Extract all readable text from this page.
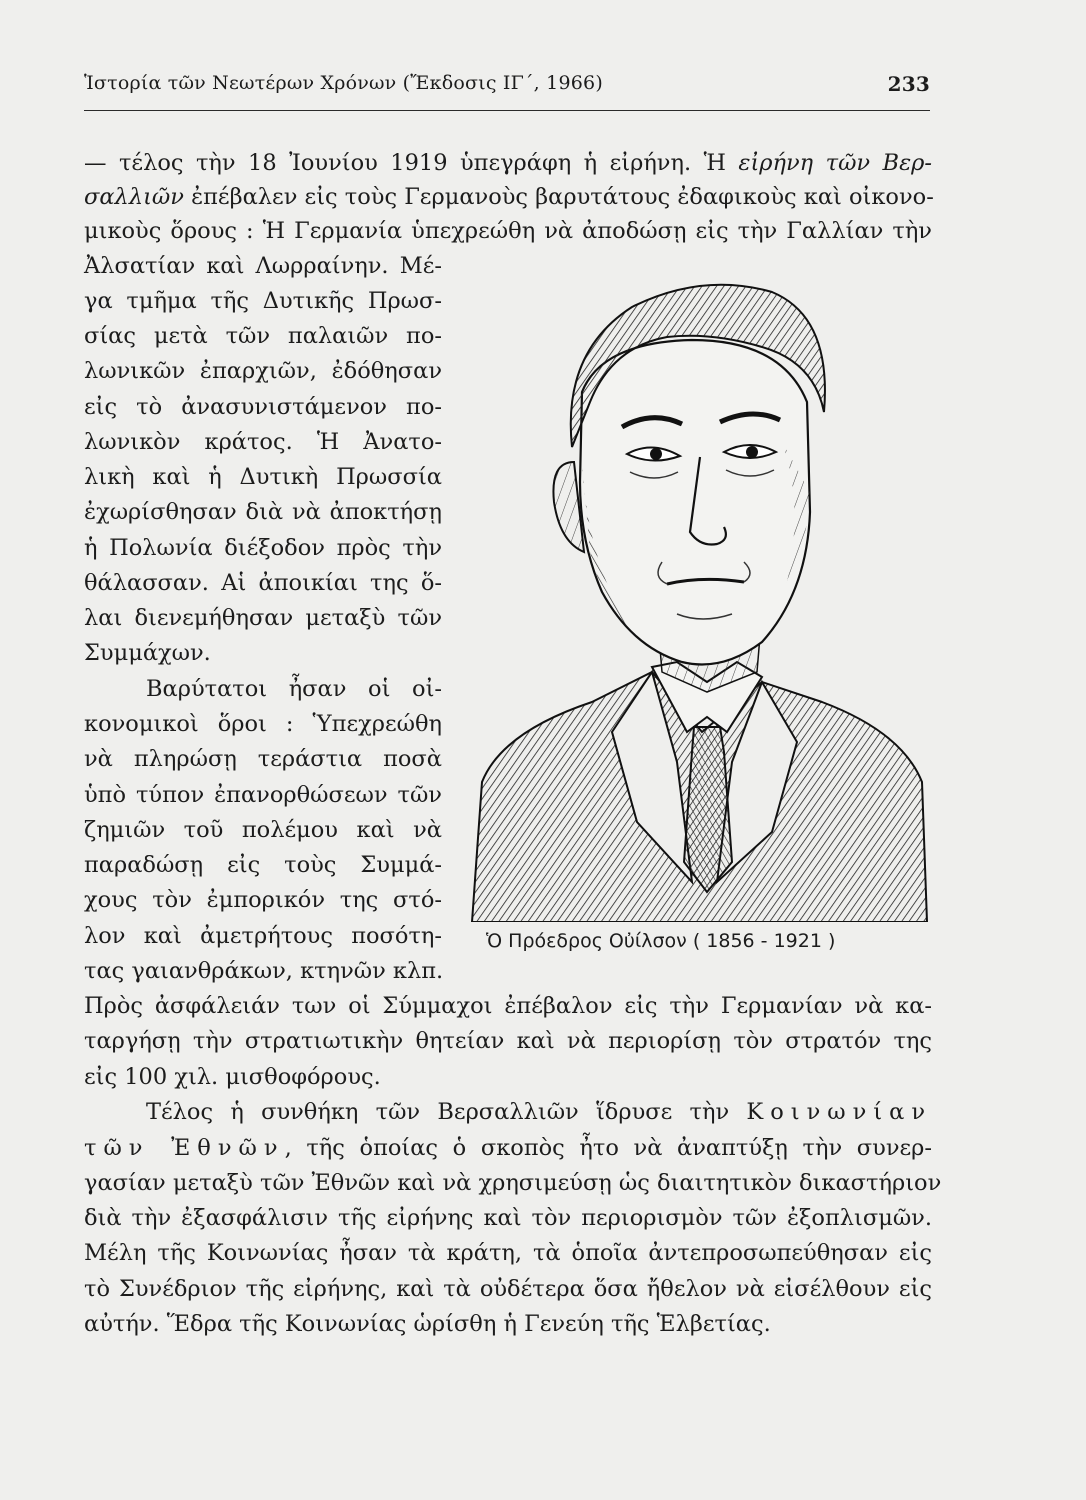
Ἱστορία τῶν Νεωτέρων Χρόνων (Ἔκδοσις ΙΓ΄, 1966)	233
— τέλος τὴν 18 Ἰουνίου 1919 ὑπεγράφη ἡ εἰρήνη. Ἡ εἰρήνη τῶν Βερ-
σαλλιῶν ἐπέβαλεν εἰς τοὺς Γερμανοὺς βαρυτάτους ἐδαφικοὺς καὶ οἰκονο-
μικοὺς ὅρους : Ἡ Γερμανία ὑπεχρεώθη νὰ ἀποδώσῃ εἰς τὴν Γαλλίαν τὴν
Ἀλσατίαν καὶ Λωρραίνην. Μέ-
γα τμῆμα τῆς Δυτικῆς Πρωσ-
σίας μετὰ τῶν παλαιῶν πο-
λωνικῶν ἐπαρχιῶν, ἐδόθησαν
εἰς τὸ ἀνασυνιστάμενον πο-
λωνικὸν κράτος. Ἡ Ἀνατο-
λικὴ καὶ ἡ Δυτικὴ Πρωσσία
ἐχωρίσθησαν διὰ νὰ ἀποκτήσῃ
ἡ Πολωνία διέξοδον πρὸς τὴν
θάλασσαν. Αἱ ἀποικίαι της ὅ-
λαι διενεμήθησαν μεταξὺ τῶν
Συμμάχων.
Βαρύτατοι ἦσαν οἱ οἰ-
κονομικοὶ ὅροι : Ὑπεχρεώθη
νὰ πληρώσῃ τεράστια ποσὰ
ὑπὸ τύπον ἐπανορθώσεων τῶν
ζημιῶν τοῦ πολέμου καὶ νὰ
παραδώσῃ εἰς τοὺς Συμμά-
χους τὸν ἐμπορικόν της στό-
λον καὶ ἀμετρήτους ποσότη-
τας γαιανθράκων, κτηνῶν κλπ.
Πρὸς ἀσφάλειάν των οἱ Σύμμαχοι ἐπέβαλον εἰς τὴν Γερμανίαν νὰ κα-
ταργήσῃ τὴν στρατιωτικὴν θητείαν καὶ νὰ περιορίσῃ τὸν στρατόν της
εἰς 100 χιλ. μισθοφόρους.
Τέλος ἡ συνθήκη τῶν Βερσαλλιῶν ἵδρυσε τὴν Κοινωνίαν
τῶν Ἐθνῶν, τῆς ὁποίας ὁ σκοπὸς ἦτο νὰ ἀναπτύξῃ τὴν συνερ-
γασίαν μεταξὺ τῶν Ἐθνῶν καὶ νὰ χρησιμεύσῃ ὡς διαιτητικὸν δικαστήριον
διὰ τὴν ἐξασφάλισιν τῆς εἰρήνης καὶ τὸν περιορισμὸν τῶν ἐξοπλισμῶν.
Μέλη τῆς Κοινωνίας ἦσαν τὰ κράτη, τὰ ὁποῖα ἀντεπροσωπεύθησαν εἰς
τὸ Συνέδριον τῆς εἰρήνης, καὶ τὰ οὐδέτερα ὅσα ἤθελον νὰ εἰσέλθουν εἰς
αὐτήν. Ἕδρα τῆς Κοινωνίας ὡρίσθη ἡ Γενεύη τῆς Ἑλβετίας.
Ὁ Πρόεδρος Οὐίλσον ( 1856 - 1921 )
